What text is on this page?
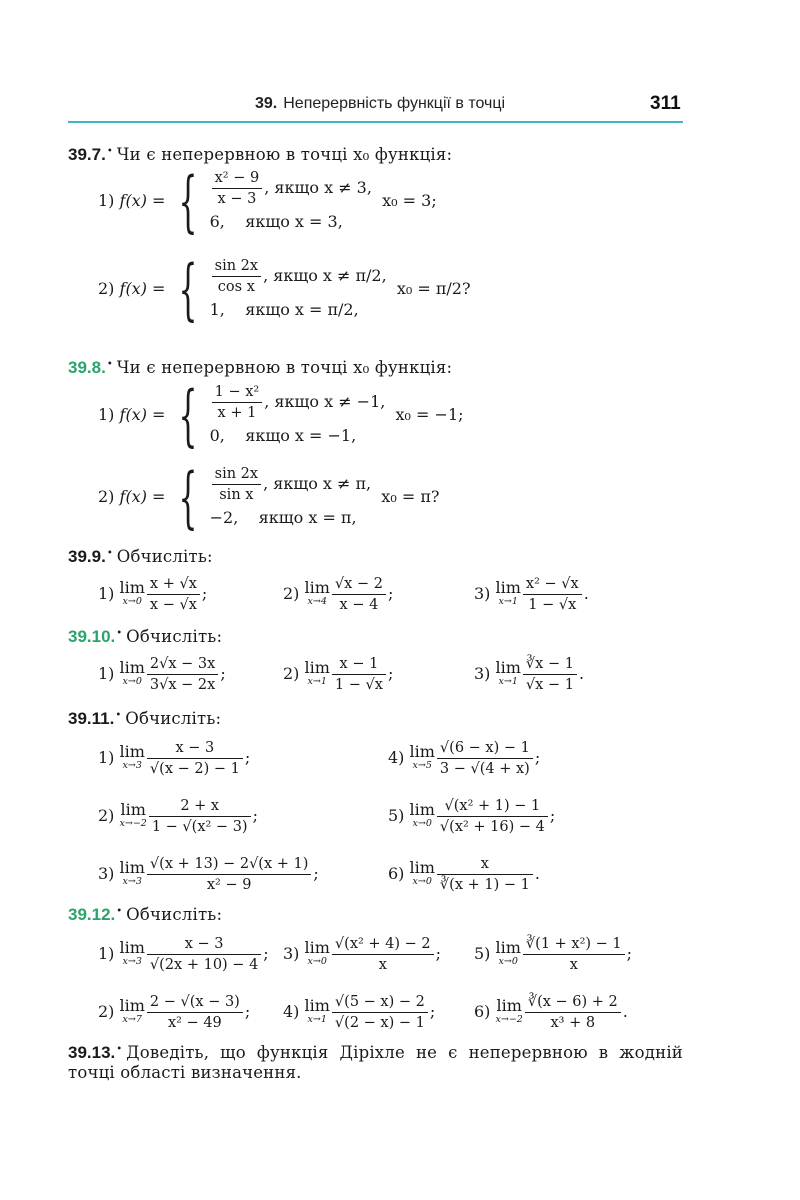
39. Неперервність функції в точці	311
39.7.• Чи є неперервною в точці x₀ функція:
1) f(x) = { $\frac{\text{x² − 9}}{x - 3}$ , якщо x ≠ 3,
6, якщо x = 3,
x₀ = 3;
2) f(x) = { $\frac{\sin 2x}{\text{cos x}}$ , якщо x ≠ π/2,
1, якщо x = π/2,
x₀ = π/2?
39.8.• Чи є неперервною в точці x₀ функція:
1) f(x) = { $\frac{\text{1 − x²}}{x + 1}$ , якщо x ≠ −1,
0, якщо x = −1,
x₀ = −1;
2) f(x) = { $\frac{\sin 2x}{\text{sin x}}$ , якщо x ≠ π,
−2, якщо x = π,
x₀ = π?
39.9.• Обчисліть:
1) lim
$x\to 0 \frac{x + √x}{x - √x}$ ;	2) lim
$x\to 4 \frac{√x - 2}{x - 4}$ ;	3) lim
$x\to 1 \frac{\text{x² − √x}}{1 - √x}$ .
39.10.• Обчисліть:
1) lim
$x\to 0 \frac{2√x - 3x}{3√x - 2x}$ ;	2) lim
$x\to 1 \frac{x - 1}{1 - √x}$ ;	3) lim
$x\to 1 \frac{∛x - 1}{√x - 1}$ .
39.11.• Обчисліть:
1) lim
$x\to 3 \frac{x - 3}{√(x - 2) - 1}$ ;	4) lim
$x\to 5 \frac{√(6 - x) - 1}{3 - √(4 + x)}$ ;
2) lim
$x\to-2 \frac{2 + x}{\text{1 − √(x² − 3)}}$ ;	5) lim
$x\to 0 \frac{\text{√(x² + 1) − 1}}{\text{√(x² + 16) − 4}}$ ;
3) lim
$x\to 3 \frac{√(x + 13) - 2√(x + 1)}{\text{x² − 9}}$ ;	6) lim
$x\to 0 \frac{x}{∛(x + 1) - 1}$ .
39.12.• Обчисліть:
1) lim
$x\to 3 \frac{x - 3}{√(2x + 10) - 4}$ ; 3) lim
$x\to 0 \frac{\text{√(x² + 4) − 2}}{x}$ ; 5) lim
$x\to 0 \frac{\text{∛(1 + x²) − 1}}{x}$ ;
2) lim
$x\to 7 \frac{2 - √(x - 3)}{\text{x² − 49}}$ ; 4) lim
$x\to 1 \frac{√(5 - x) - 2}{√(2 - x) - 1}$ ; 6) lim
$x\to-2 \frac{∛(x - 6) + 2}{\text{x³ + 8}}$ .
39.13.• Доведіть, що функція Діріхле не є неперервною в жодній точці області визначення.
